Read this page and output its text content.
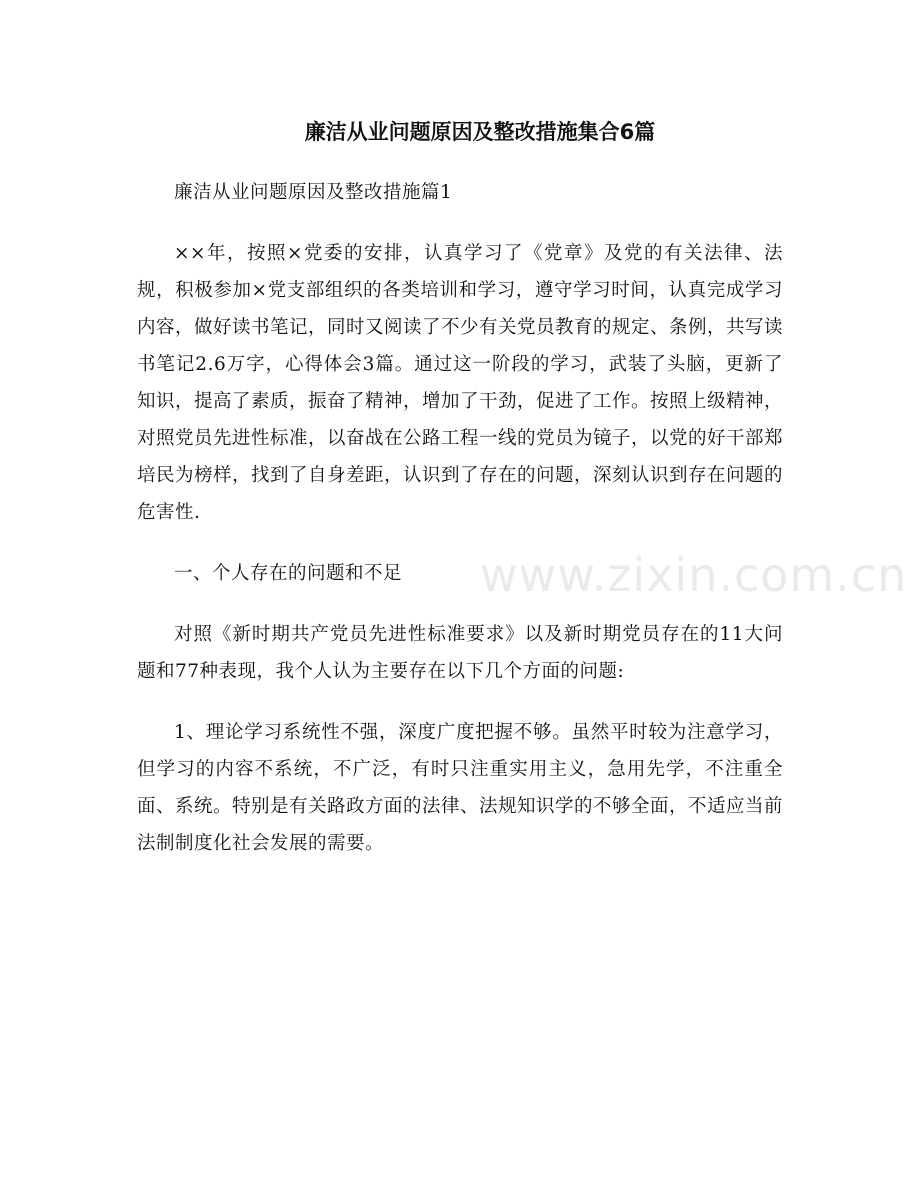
廉洁从业问题原因及整改措施集合6篇

廉洁从业问题原因及整改措施篇1

××年，按照×党委的安排，认真学习了《党章》及党的有关法律、法规，积极参加×党支部组织的各类培训和学习，遵守学习时间，认真完成学习内容，做好读书笔记，同时又阅读了不少有关党员教育的规定、条例，共写读书笔记2.6万字，心得体会3篇。通过这一阶段的学习，武装了头脑，更新了知识，提高了素质，振奋了精神，增加了干劲，促进了工作。按照上级精神，对照党员先进性标准，以奋战在公路工程一线的党员为镜子，以党的好干部郑培民为榜样，找到了自身差距，认识到了存在的问题，深刻认识到存在问题的危害性.

一、个人存在的问题和不足

对照《新时期共产党员先进性标准要求》以及新时期党员存在的11大问题和77种表现，我个人认为主要存在以下几个方面的问题:

1、理论学习系统性不强，深度广度把握不够。虽然平时较为注意学习，但学习的内容不系统，不广泛，有时只注重实用主义，急用先学，不注重全面、系统。特别是有关路政方面的法律、法规知识学的不够全面，不适应当前法制制度化社会发展的需要。

www.zixin.com.cn
